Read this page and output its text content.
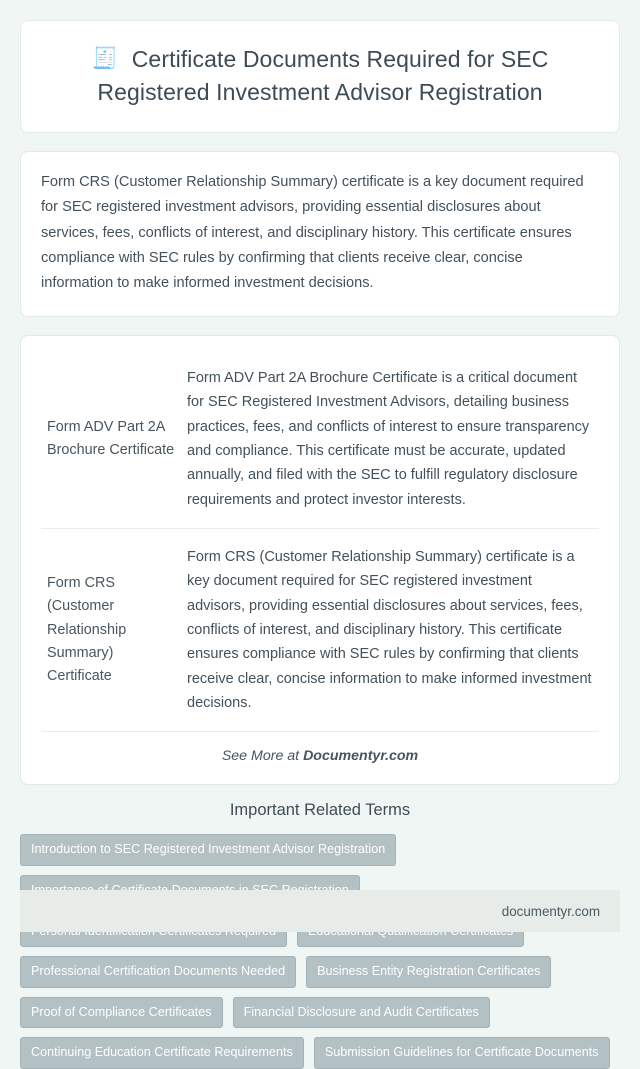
🧾 Certificate Documents Required for SEC Registered Investment Advisor Registration

Form CRS (Customer Relationship Summary) certificate is a key document required for SEC registered investment advisors, providing essential disclosures about services, fees, conflicts of interest, and disciplinary history. This certificate ensures compliance with SEC rules by confirming that clients receive clear, concise information to make informed investment decisions.

Form ADV Part 2A Brochure Certificate	Form ADV Part 2A Brochure Certificate is a critical document for SEC Registered Investment Advisors, detailing business practices, fees, and conflicts of interest to ensure transparency and compliance. This certificate must be accurate, updated annually, and filed with the SEC to fulfill regulatory disclosure requirements and protect investor interests.
Form CRS (Customer Relationship Summary) Certificate	Form CRS (Customer Relationship Summary) certificate is a key document required for SEC registered investment advisors, providing essential disclosures about services, fees, conflicts of interest, and disciplinary history. This certificate ensures compliance with SEC rules by confirming that clients receive clear, concise information to make informed investment decisions.
See More at Documentyr.com
Important Related Terms
Introduction to SEC Registered Investment Advisor Registration
Professional Certification Documents Needed	Business Entity Registration Certificates
Proof of Compliance Certificates	Financial Disclosure and Audit Certificates
Continuing Education Certificate Requirements	Submission Guidelines for Certificate Documents
documentyr.com
